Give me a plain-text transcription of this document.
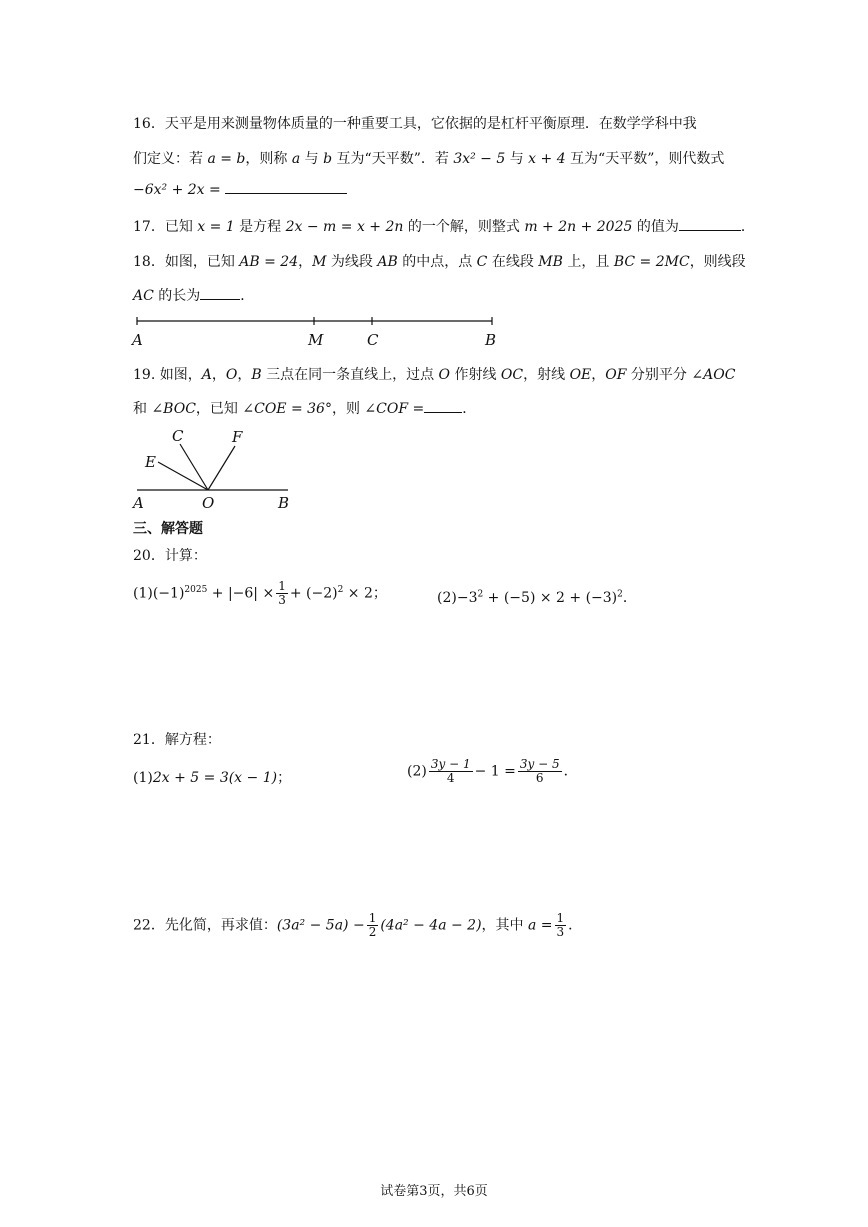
16．天平是用来测量物体质量的一种重要工具，它依据的是杠杆平衡原理．在数学学科中我
们定义：若 a = b，则称 a 与 b 互为“天平数”．若 3x² − 5 与 x + 4 互为“天平数”，则代数式
−6x² + 2x =
17．已知 x = 1 是方程 2x − m = x + 2n 的一个解，则整式 m + 2n + 2025 的值为	．
18．如图，已知 AB = 24，M 为线段 AB 的中点，点 C 在线段 MB 上，且 BC = 2MC，则线段
AC 的长为	．
A	M	C	B
19. 如图，A，O，B 三点在同一条直线上，过点 O 作射线 OC，射线 OE，OF 分别平分 ∠AOC
和 ∠BOC，已知 ∠COE = 36°，则 ∠COF =	．
C	F
E
A	O	B
三、解答题
20．计算：
$(1)(-1)^{2025} + |-6| \times \frac{1}{3} + (-2)^2 \times 2$；	$(2)-3^2 + (-5) \times 2 + (-3)^2$．
21．解方程：
(1)2x + 5 = 3(x − 1)；	$(2) \frac{3y - 1}{4} - 1 = \frac{3y - 5}{6}$ ．
22．先化简，再求值：$(3a^2 - 5a) - \frac{1}{2} (4a^2 - 4a - 2)$，其中 $a = \frac{1}{3}$ ．
试卷第3页，共6页
